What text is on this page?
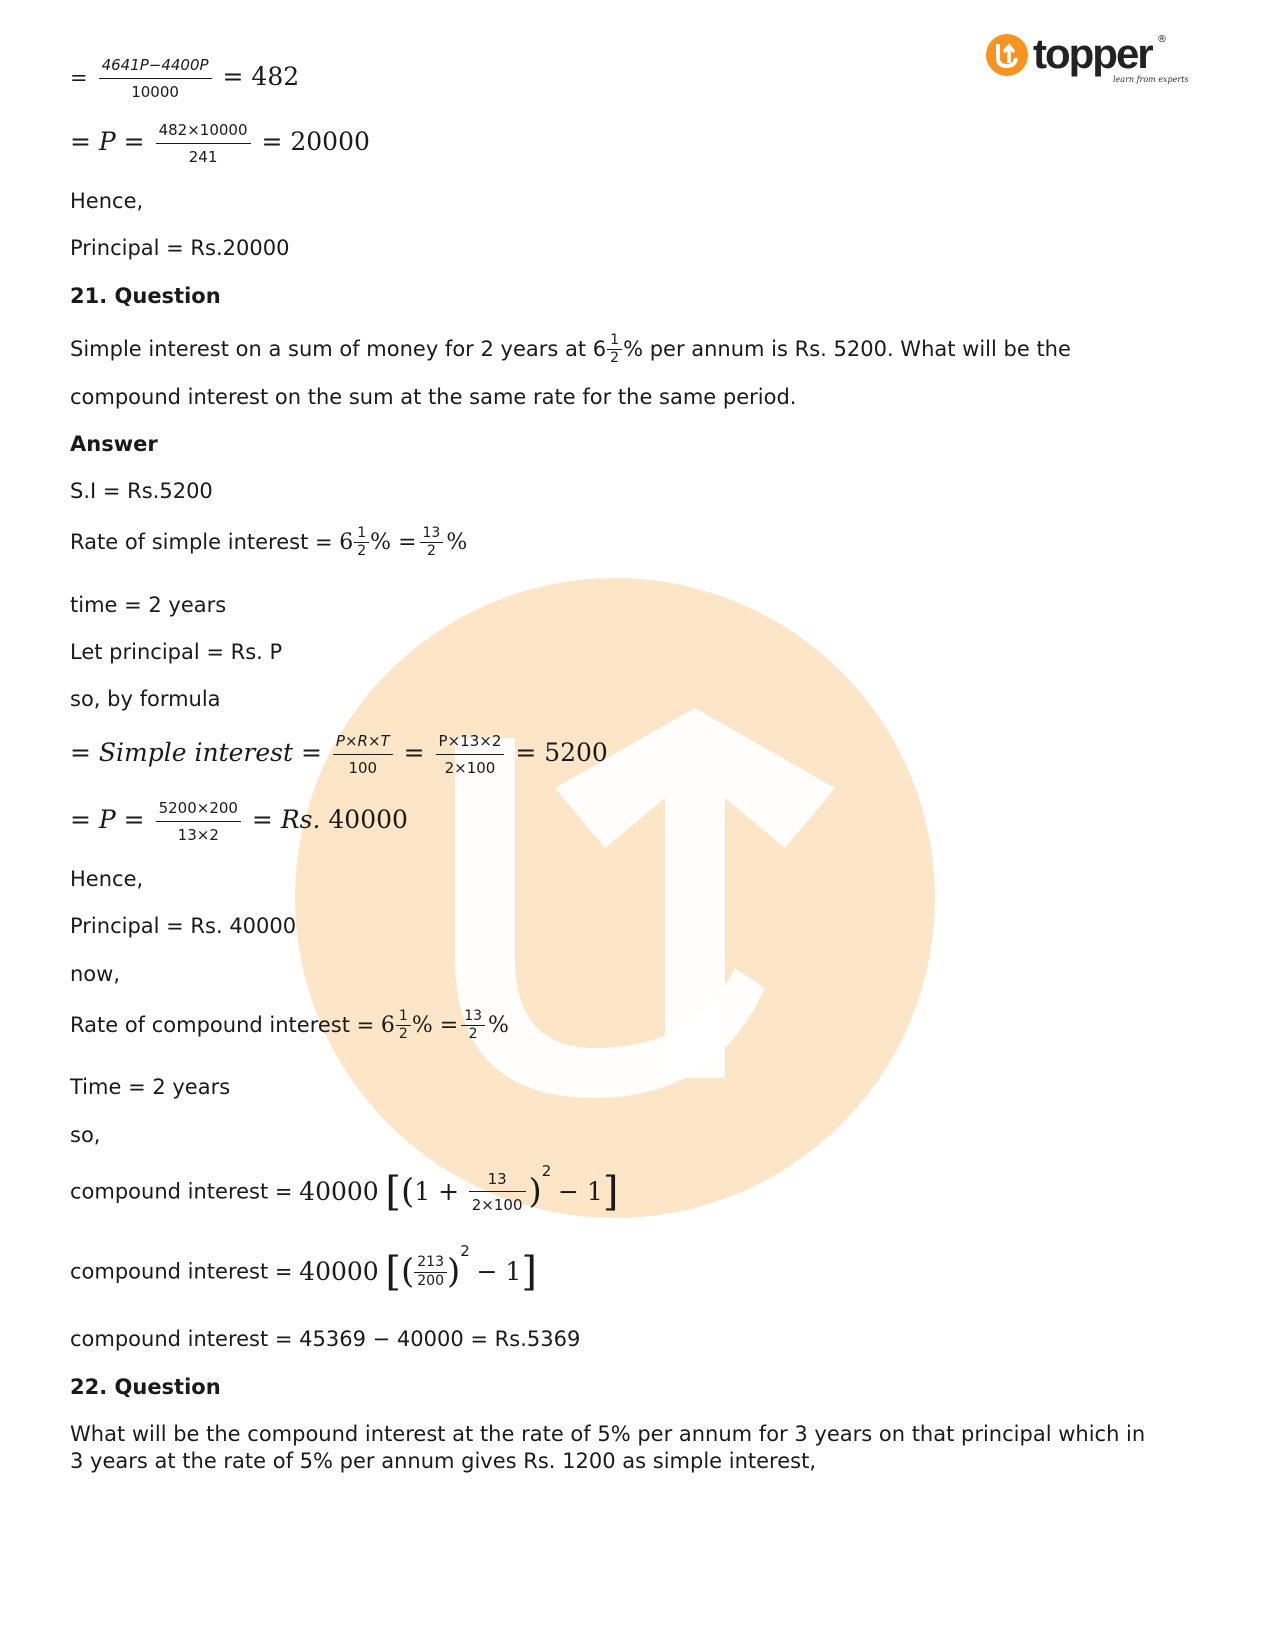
topper
learn from experts
®
= $\frac{4641P-4400P}{10000} = 482$
= $P = \frac{482\times 10000}{241} = 20000$
Hence,
Principal = Rs.20000
21. Question
Simple interest on a sum of money for 2 years at $6 \frac{1}{2}$ % per annum is Rs. 5200. What will be the
compound interest on the sum at the same rate for the same period.
Answer
S.I = Rs.5200
Rate of simple interest = $6 \frac{1}{2}$ % = $\frac{13}{2}$ %
time = 2 years
Let principal = Rs. P
so, by formula
= Simple interest = $\frac{P\times R\times T}{100} = \frac{P\times 13\times 2}{2\times 100} = 5200$
= $P = \frac{5200\times 200}{13\times 2} = Rs$. 40000
Hence,
Principal = Rs. 40000
now,
Rate of compound interest = $6 \frac{1}{2}$ % = $\frac{13}{2}$ %
Time = 2 years
so,
compound interest = 40000 $[(1 + \frac{13}{2\times 100} )^2 - 1]$
compound interest = 40000 [( $\frac{213}{200} )^2 - 1$]
compound interest = 45369 − 40000 = Rs.5369
22. Question
What will be the compound interest at the rate of 5% per annum for 3 years on that principal which in 3 years at the rate of 5% per annum gives Rs. 1200 as simple interest,
